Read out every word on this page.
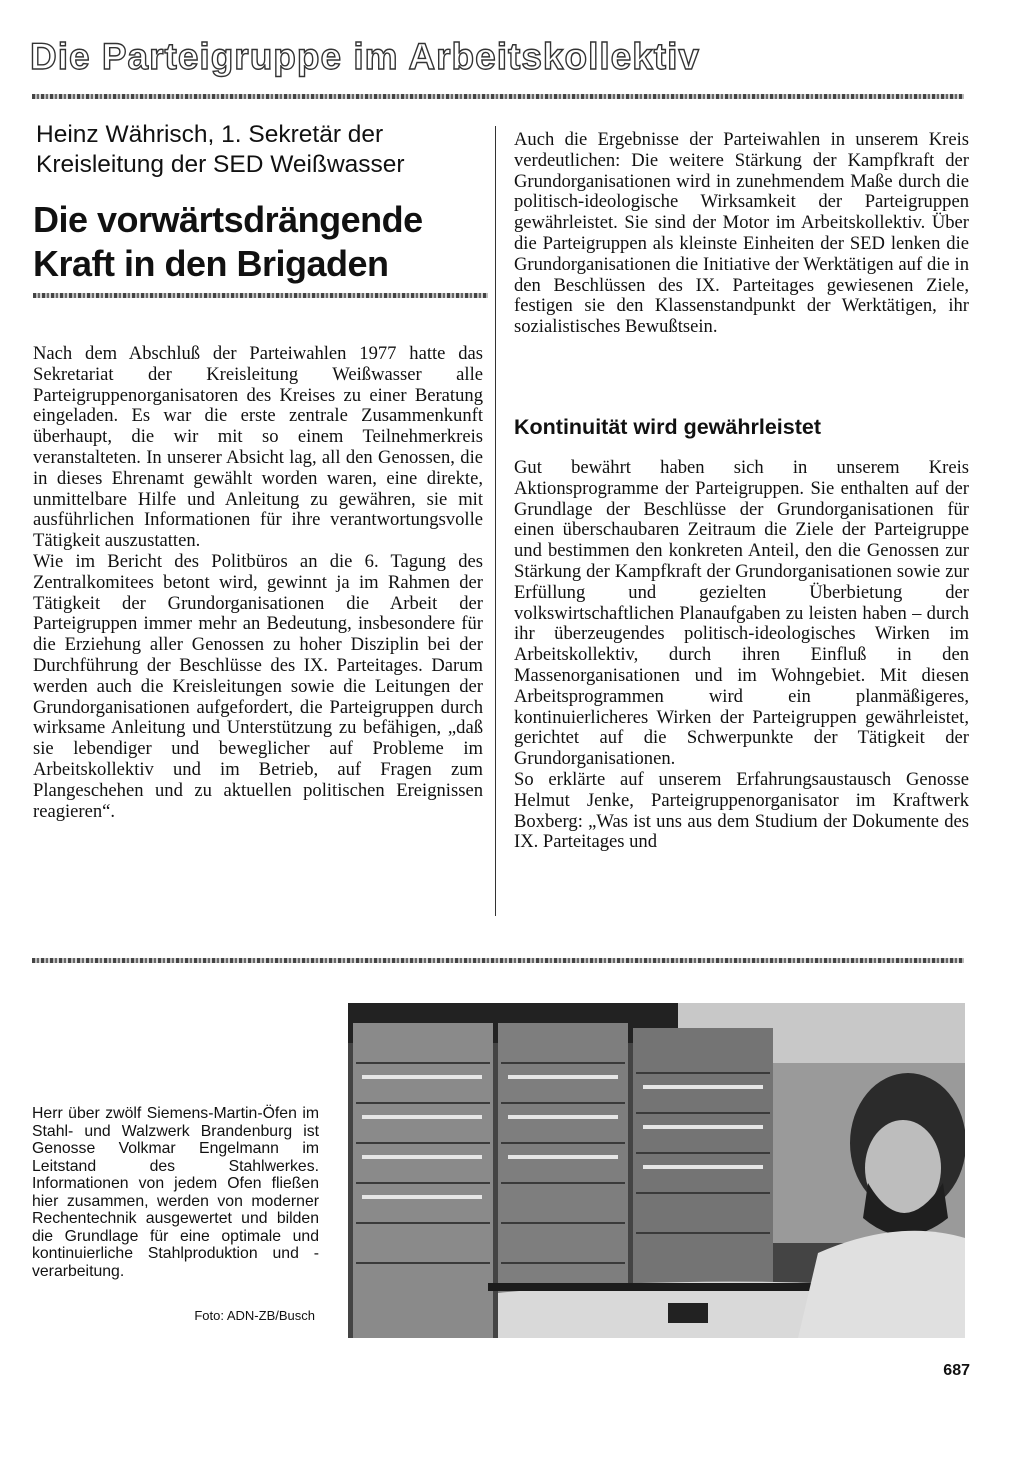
Die Parteigruppe im Arbeitskollektiv
Heinz Währisch, 1. Sekretär der
Kreisleitung der SED Weißwasser
Die vorwärtsdrängende
Kraft in den Brigaden

Nach dem Abschluß der Parteiwahlen 1977 hatte das Sekretariat der Kreisleitung Weißwasser alle Parteigruppenorganisatoren des Kreises zu einer Beratung eingeladen. Es war die erste zentrale Zusammenkunft überhaupt, die wir mit so einem Teilnehmerkreis veranstalteten. In unserer Absicht lag, all den Genossen, die in dieses Ehrenamt gewählt worden waren, eine direkte, unmittelbare Hilfe und Anleitung zu gewähren, sie mit ausführlichen Informationen für ihre verantwortungsvolle Tätigkeit auszustatten.

Wie im Bericht des Politbüros an die 6. Tagung des Zentralkomitees betont wird, gewinnt ja im Rahmen der Tätigkeit der Grundorganisationen die Arbeit der Parteigruppen immer mehr an Bedeutung, insbesondere für die Erziehung aller Genossen zu hoher Disziplin bei der Durchführung der Beschlüsse des IX. Parteitages. Darum werden auch die Kreisleitungen sowie die Leitungen der Grundorganisationen aufgefordert, die Parteigruppen durch wirksame Anleitung und Unterstützung zu befähigen, „daß sie lebendiger und beweglicher auf Probleme im Arbeitskollektiv und im Betrieb, auf Fragen zum Plangeschehen und zu aktuellen politischen Ereignissen reagieren“.

Auch die Ergebnisse der Parteiwahlen in unserem Kreis verdeutlichen: Die weitere Stärkung der Kampfkraft der Grundorganisationen wird in zunehmendem Maße durch die politisch-ideologische Wirksamkeit der Parteigruppen gewährleistet. Sie sind der Motor im Arbeitskollektiv. Über die Parteigruppen als kleinste Einheiten der SED lenken die Grundorganisationen die Initiative der Werktätigen auf die in den Beschlüssen des IX. Parteitages gewiesenen Ziele, festigen sie den Klassenstandpunkt der Werktätigen, ihr sozialistisches Bewußtsein.

Kontinuität wird gewährleistet

Gut bewährt haben sich in unserem Kreis Aktionsprogramme der Parteigruppen. Sie enthalten auf der Grundlage der Beschlüsse der Grundorganisationen für einen überschaubaren Zeitraum die Ziele der Parteigruppe und bestimmen den konkreten Anteil, den die Genossen zur Stärkung der Kampfkraft der Grundorganisationen sowie zur Erfüllung und gezielten Überbietung der volkswirtschaftlichen Planaufgaben zu leisten haben – durch ihr überzeugendes politisch-ideologisches Wirken im Arbeitskollektiv, durch ihren Einfluß in den Massenorganisationen und im Wohngebiet. Mit diesen Arbeitsprogrammen wird ein planmäßigeres, kontinuierlicheres Wirken der Parteigruppen gewährleistet, gerichtet auf die Schwerpunkte der Tätigkeit der Grundorganisationen.

So erklärte auf unserem Erfahrungsaustausch Genosse Helmut Jenke, Parteigruppenorganisator im Kraftwerk Boxberg: „Was ist uns aus dem Studium der Dokumente des IX. Parteitages und

Herr über zwölf Siemens-Martin-Öfen im Stahl- und Walzwerk Brandenburg ist Genosse Volkmar Engelmann im Leitstand des Stahlwerkes. Informationen von jedem Ofen fließen hier zusammen, werden von moderner Rechentechnik ausgewertet und bilden die Grundlage für eine optimale und kontinuierliche Stahlproduktion und -verarbeitung.

Foto: ADN-ZB/Busch

687
